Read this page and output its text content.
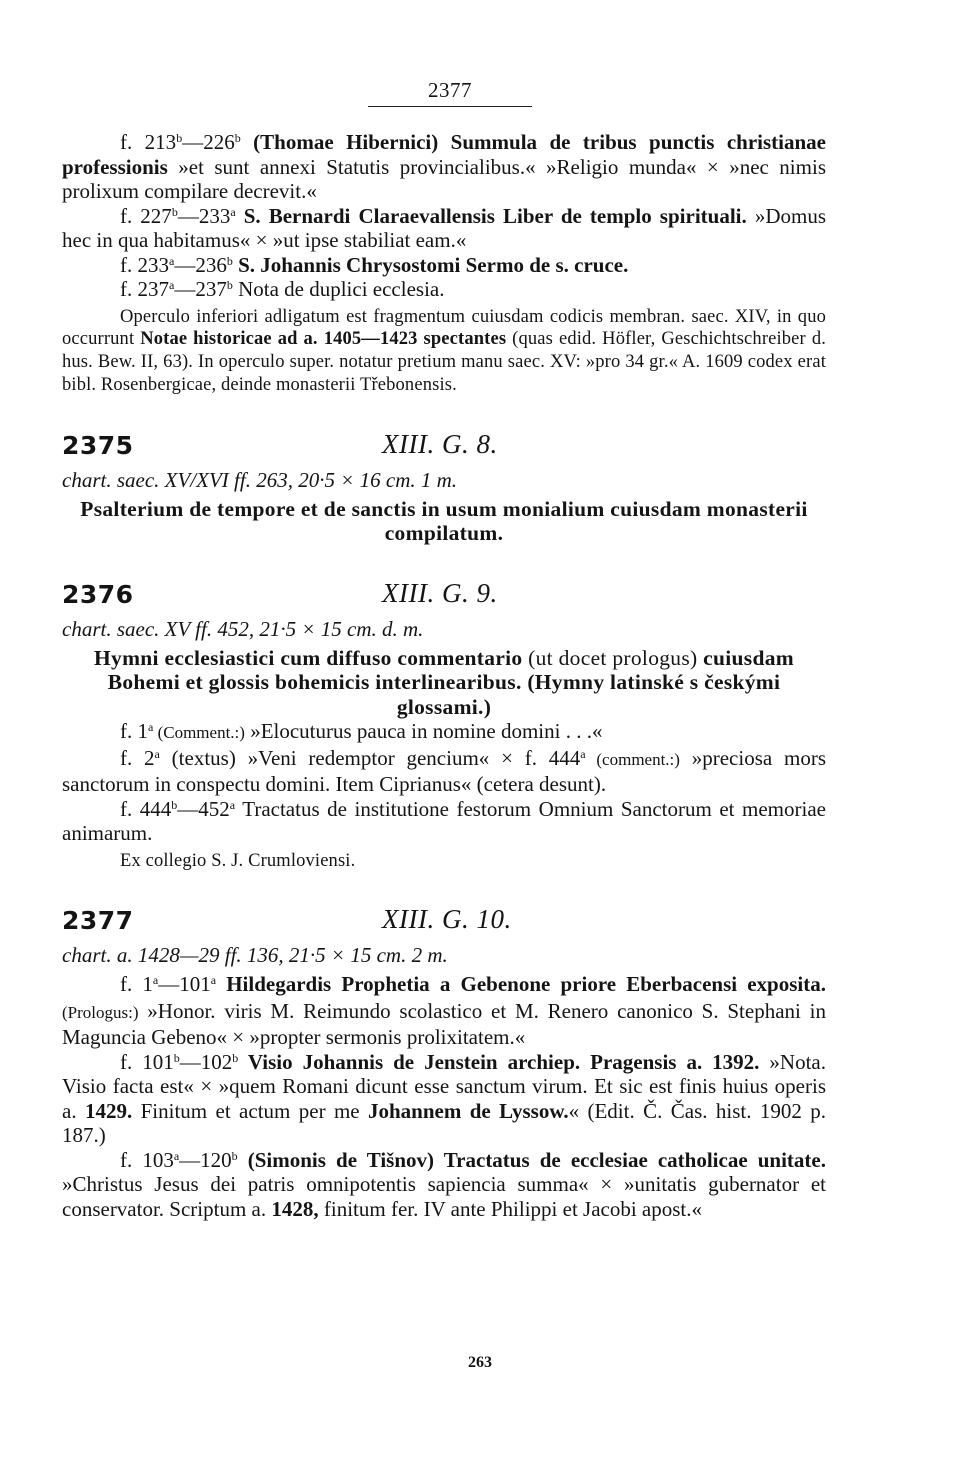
2377

f. 213$^b$—226$^b$ (Thomae Hibernici) Summula de tribus punctis christianae professionis »et sunt annexi Statutis provincialibus.« »Religio munda« × »nec nimis prolixum compilare decrevit.«

f. 227$^b$—233$^a$ S. Bernardi Claraevallensis Liber de templo spirituali. »Domus hec in qua habitamus« × »ut ipse stabiliat eam.«

f. 233$^a$—236$^b$ S. Johannis Chrysostomi Sermo de s. cruce.

f. 237$^a$—237$^b$ Nota de duplici ecclesia.

Operculo inferiori adligatum est fragmentum cuiusdam codicis membran. saec. XIV, in quo occurrunt Notae historicae ad a. 1405—1423 spectantes (quas edid. Höfler, Geschichtschreiber d. hus. Bew. II, 63). In operculo super. notatur pretium manu saec. XV: »pro 34 gr.« A. 1609 codex erat bibl. Rosenbergicae, deinde monasterii Třebonensis.

2375	XIII. G. 8.

chart. saec. XV/XVI ff. 263, 20·5 × 16 cm. 1 m.

Psalterium de tempore et de sanctis in usum monialium cuiusdam monasterii compilatum.

2376	XIII. G. 9.

chart. saec. XV ff. 452, 21·5 × 15 cm. d. m.

Hymni ecclesiastici cum diffuso commentario (ut docet prologus) cuiusdam Bohemi et glossis bohemicis interlinearibus. (Hymny latinské s českými glossami.)

f. 1$^a$ (Comment.:) »Elocuturus pauca in nomine domini . . .«

f. 2$^a$ (textus) »Veni redemptor gencium« × f. 444$^a$ (comment.:) »preciosa mors sanctorum in conspectu domini. Item Ciprianus« (cetera desunt).

f. 444$^b$—452$^a$ Tractatus de institutione festorum Omnium Sanctorum et memoriae animarum.

Ex collegio S. J. Crumloviensi.

2377	XIII. G. 10.

chart. a. 1428—29 ff. 136, 21·5 × 15 cm. 2 m.

f. 1$^a$—101$^a$ Hildegardis Prophetia a Gebenone priore Eberbacensi exposita. (Prologus:) »Honor. viris M. Reimundo scolastico et M. Renero canonico S. Stephani in Maguncia Gebeno« × »propter sermonis prolixitatem.«

f. 101$^b$—102$^b$ Visio Johannis de Jenstein archiep. Pragensis a. 1392. »Nota. Visio facta est« × »quem Romani dicunt esse sanctum virum. Et sic est finis huius operis a. 1429. Finitum et actum per me Johannem de Lyssow.« (Edit. Č. Čas. hist. 1902 p. 187.)

f. 103$^a$—120$^b$ (Simonis de Tišnov) Tractatus de ecclesiae catholicae unitate. »Christus Jesus dei patris omnipotentis sapiencia summa« × »unitatis gubernator et conservator. Scriptum a. 1428, finitum fer. IV ante Philippi et Jacobi apost.«

263
